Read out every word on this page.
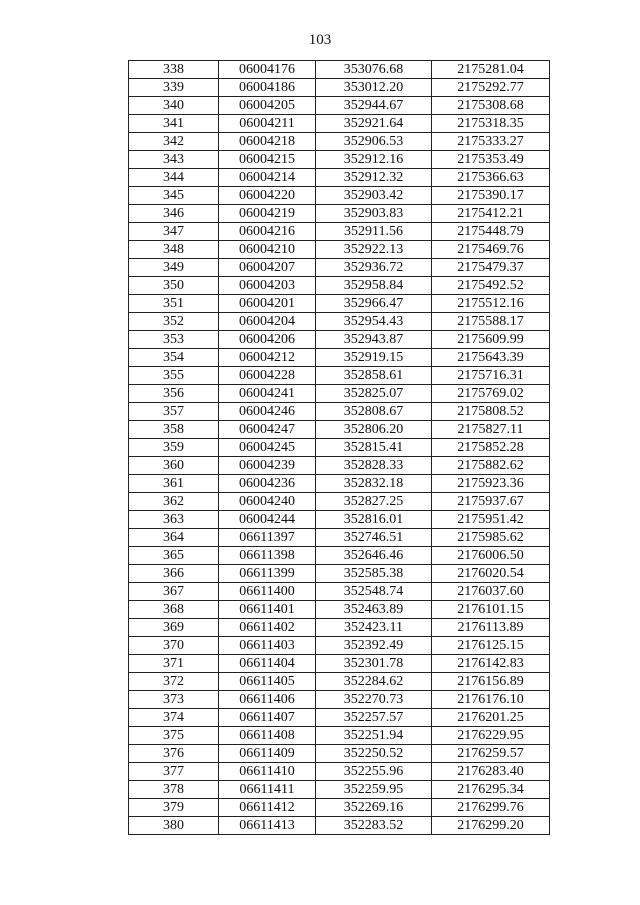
103
338	06004176	353076.68	2175281.04
339	06004186	353012.20	2175292.77
340	06004205	352944.67	2175308.68
341	06004211	352921.64	2175318.35
342	06004218	352906.53	2175333.27
343	06004215	352912.16	2175353.49
344	06004214	352912.32	2175366.63
345	06004220	352903.42	2175390.17
346	06004219	352903.83	2175412.21
347	06004216	352911.56	2175448.79
348	06004210	352922.13	2175469.76
349	06004207	352936.72	2175479.37
350	06004203	352958.84	2175492.52
351	06004201	352966.47	2175512.16
352	06004204	352954.43	2175588.17
353	06004206	352943.87	2175609.99
354	06004212	352919.15	2175643.39
355	06004228	352858.61	2175716.31
356	06004241	352825.07	2175769.02
357	06004246	352808.67	2175808.52
358	06004247	352806.20	2175827.11
359	06004245	352815.41	2175852.28
360	06004239	352828.33	2175882.62
361	06004236	352832.18	2175923.36
362	06004240	352827.25	2175937.67
363	06004244	352816.01	2175951.42
364	06611397	352746.51	2175985.62
365	06611398	352646.46	2176006.50
366	06611399	352585.38	2176020.54
367	06611400	352548.74	2176037.60
368	06611401	352463.89	2176101.15
369	06611402	352423.11	2176113.89
370	06611403	352392.49	2176125.15
371	06611404	352301.78	2176142.83
372	06611405	352284.62	2176156.89
373	06611406	352270.73	2176176.10
374	06611407	352257.57	2176201.25
375	06611408	352251.94	2176229.95
376	06611409	352250.52	2176259.57
377	06611410	352255.96	2176283.40
378	06611411	352259.95	2176295.34
379	06611412	352269.16	2176299.76
380	06611413	352283.52	2176299.20
